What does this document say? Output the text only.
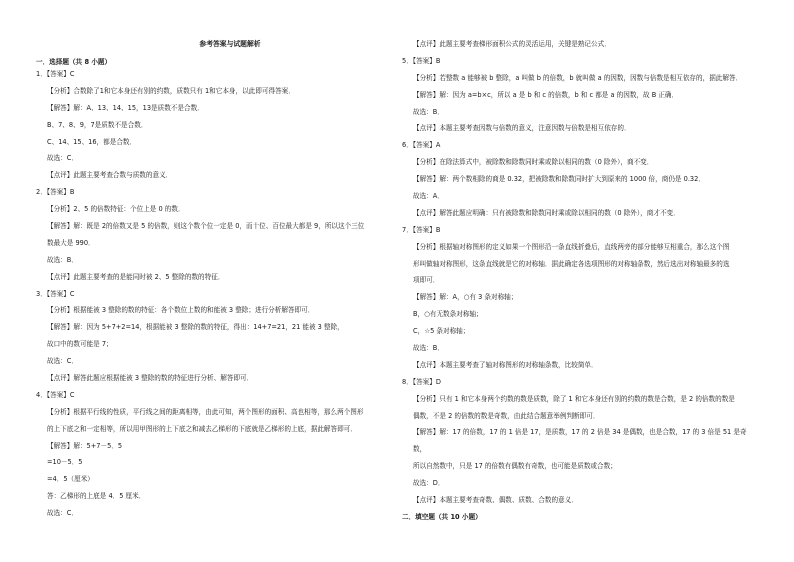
参考答案与试题解析
一．选择题（共 8 小题）
1．【答案】C
【分析】合数除了1和它本身还有别的约数，质数只有 1和它本身，以此即可得答案．
【解答】解：A、13、14、15，13是质数不是合数．
B、7、8、9，7是质数不是合数．
C、14、15、16，都是合数．
故选：C．
【点评】此题主要考查合数与质数的意义．
2．【答案】B
【分析】2、5 的倍数特征：个位上是 0 的数．
【解答】解：既是 2的倍数又是 5 的倍数，则这个数个位一定是 0，而十位、百位最大都是 9，所以这个三位
数最大是 990．
故选：B．
【点评】此题主要考查的是能同时被 2、5 整除的数的特征．
3．【答案】C
【分析】根据能被 3 整除的数的特征：各个数位上数的和能被 3 整除；进行分析解答即可．
【解答】解：因为 5+7+2=14，根据能被 3 整除的数的特征，得出：14+7=21，21 能被 3 整除，
故口中的数可能是 7；
故选：C．
【点评】解答此题应根据能被 3 整除的数的特征进行分析、解答即可．
4．【答案】C
【分析】根据平行线的性质，平行线之间的距离相等，由此可知，两个图形的面积、高也相等，那么两个图形
的上下底之和一定相等，所以用甲图形的上下底之和减去乙梯形的下底就是乙梯形的上底，据此解答即可．
【解答】解：5+7－5．5
=10－5．5
=4．5（厘米）
答：乙梯形的上底是 4．5 厘米．
故选：C．
【点评】此题主要考查梯形面积公式的灵活运用，关键是熟记公式．
5．【答案】B
【分析】若整数 a 能够被 b 整除，a 叫做 b 的倍数，b 就叫做 a 的因数，因数与倍数是相互依存的，据此解答．
【解答】解：因为 a=b×c，所以 a 是 b 和 c 的倍数，b 和 c 都是 a 的因数，故 B 正确．
故选：B．
【点评】本题主要考查因数与倍数的意义，注意因数与倍数是相互依存的．
6．【答案】A
【分析】在除法算式中，被除数和除数同时乘或除以相同的数（0 除外），商不变．
【解答】解：两个数相除的商是 0.32，把被除数和除数同时扩大到原来的 1000 倍，商仍是 0.32．
故选：A．
【点评】解答此题应明确：只有被除数和除数同时乘或除以相同的数（0 除外），商才不变．
7．【答案】B
【分析】根据轴对称图形的定义如果一个图形沿一条直线折叠后，直线两旁的部分能够互相重合，那么这个图
形叫做轴对称图形，这条直线就是它的对称轴．据此确定各选项图形的对称轴条数，然后选出对称轴最多的选
项即可．
【解答】解：A，○有 3 条对称轴；
B，○有无数条对称轴；
C，☆5 条对称轴；
故选：B．
【点评】本题主要考查了轴对称图形的对称轴条数，比较简单．
8．【答案】D
【分析】只有 1 和它本身两个约数的数是质数，除了 1 和它本身还有别的约数的数是合数，是 2 的倍数的数是
偶数，不是 2 的倍数的数是奇数，由此结合题意举例判断即可．
【解答】解：17 的倍数，17 的 1 倍是 17，是质数，17 的 2 倍是 34 是偶数，也是合数，17 的 3 倍是 51 是奇
数，
所以自然数中，只是 17 的倍数有偶数有奇数，也可能是质数或合数；
故选：D．
【点评】本题主要考查奇数、偶数、质数、合数的意义．
二．填空题（共 10 小题）
